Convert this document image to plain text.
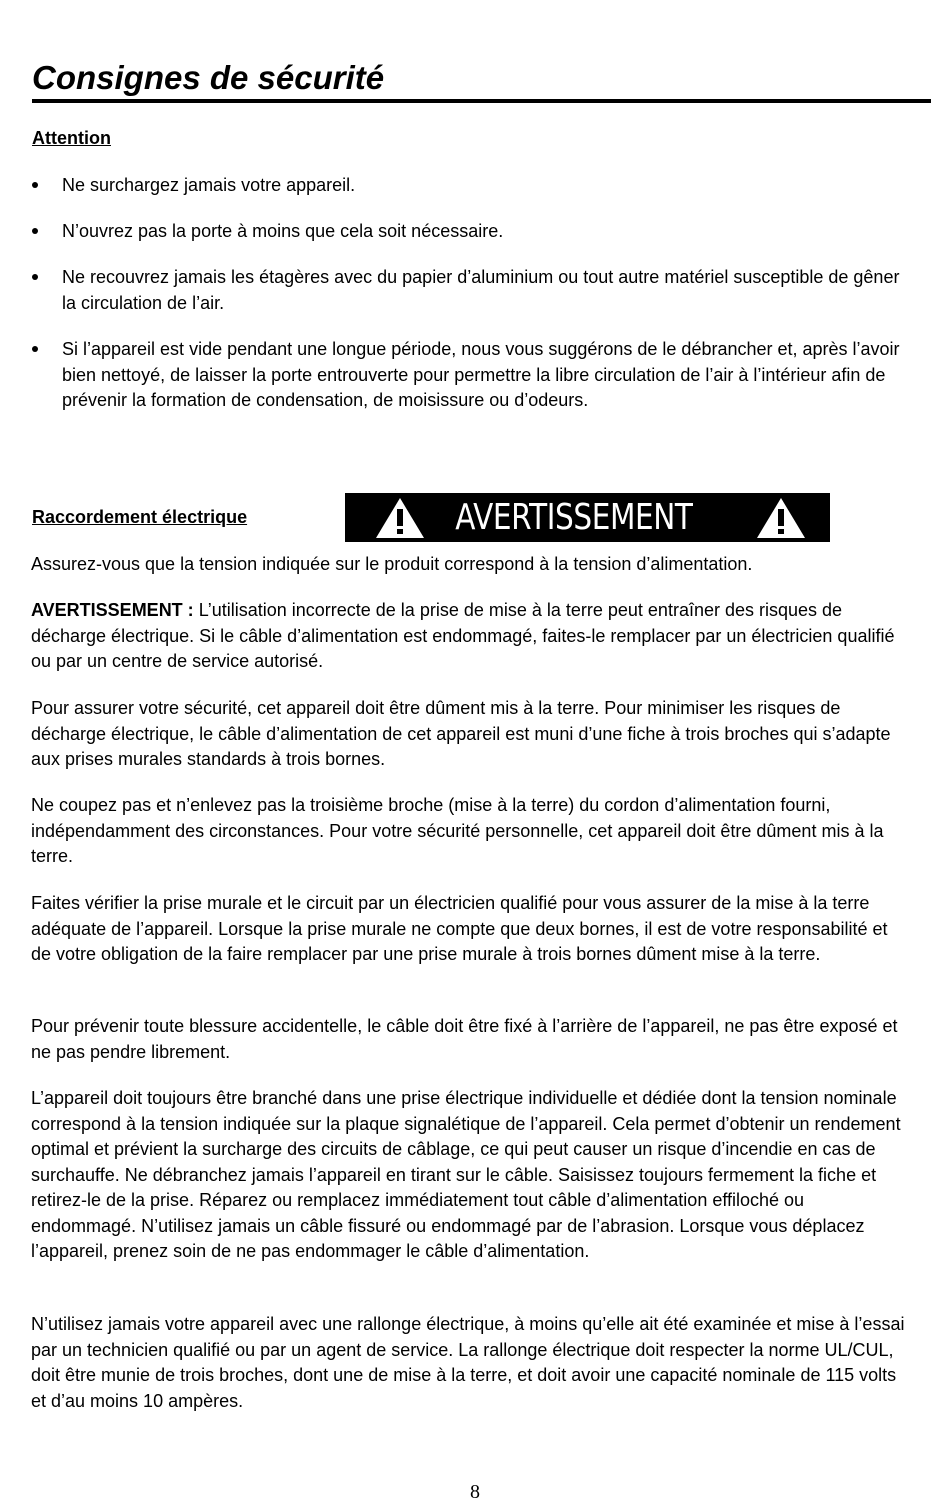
Consignes de sécurité
Attention
Ne surchargez jamais votre appareil.
N’ouvrez pas la porte à moins que cela soit nécessaire.
Ne recouvrez jamais les étagères avec du papier d’aluminium ou tout autre matériel susceptible de gêner la circulation de l’air.
Si l’appareil est vide pendant une longue période, nous vous suggérons de le débrancher et, après l’avoir bien nettoyé, de laisser la porte entrouverte pour permettre la libre circulation de l’air à l’intérieur afin de prévenir la formation de condensation, de moisissure ou d’odeurs.
Raccordement électrique	AVERTISSEMENT

Assurez-vous que la tension indiquée sur le produit correspond à la tension d’alimentation.

AVERTISSEMENT : L’utilisation incorrecte de la prise de mise à la terre peut entraîner des risques de décharge électrique. Si le câble d’alimentation est endommagé, faites-le remplacer par un électricien qualifié ou par un centre de service autorisé.

Pour assurer votre sécurité, cet appareil doit être dûment mis à la terre. Pour minimiser les risques de décharge électrique, le câble d’alimentation de cet appareil est muni d’une fiche à trois broches qui s’adapte aux prises murales standards à trois bornes.

Ne coupez pas et n’enlevez pas la troisième broche (mise à la terre) du cordon d’alimentation fourni, indépendamment des circonstances. Pour votre sécurité personnelle, cet appareil doit être dûment mis à la terre.

Faites vérifier la prise murale et le circuit par un électricien qualifié pour vous assurer de la mise à la terre adéquate de l’appareil. Lorsque la prise murale ne compte que deux bornes, il est de votre responsabilité et de votre obligation de la faire remplacer par une prise murale à trois bornes dûment mise à la terre.

Pour prévenir toute blessure accidentelle, le câble doit être fixé à l’arrière de l’appareil, ne pas être exposé et ne pas pendre librement.

L’appareil doit toujours être branché dans une prise électrique individuelle et dédiée dont la tension nominale correspond à la tension indiquée sur la plaque signalétique de l’appareil. Cela permet d’obtenir un rendement optimal et prévient la surcharge des circuits de câblage, ce qui peut causer un risque d’incendie en cas de surchauffe. Ne débranchez jamais l’appareil en tirant sur le câble. Saisissez toujours fermement la fiche et retirez-le de la prise. Réparez ou remplacez immédiatement tout câble d’alimentation effiloché ou endommagé. N’utilisez jamais un câble fissuré ou endommagé par de l’abrasion. Lorsque vous déplacez l’appareil, prenez soin de ne pas endommager le câble d’alimentation.

N’utilisez jamais votre appareil avec une rallonge électrique, à moins qu’elle ait été examinée et mise à l’essai par un technicien qualifié ou par un agent de service. La rallonge électrique doit respecter la norme UL/CUL, doit être munie de trois broches, dont une de mise à la terre, et doit avoir une capacité nominale de 115 volts et d’au moins 10 ampères.

8
